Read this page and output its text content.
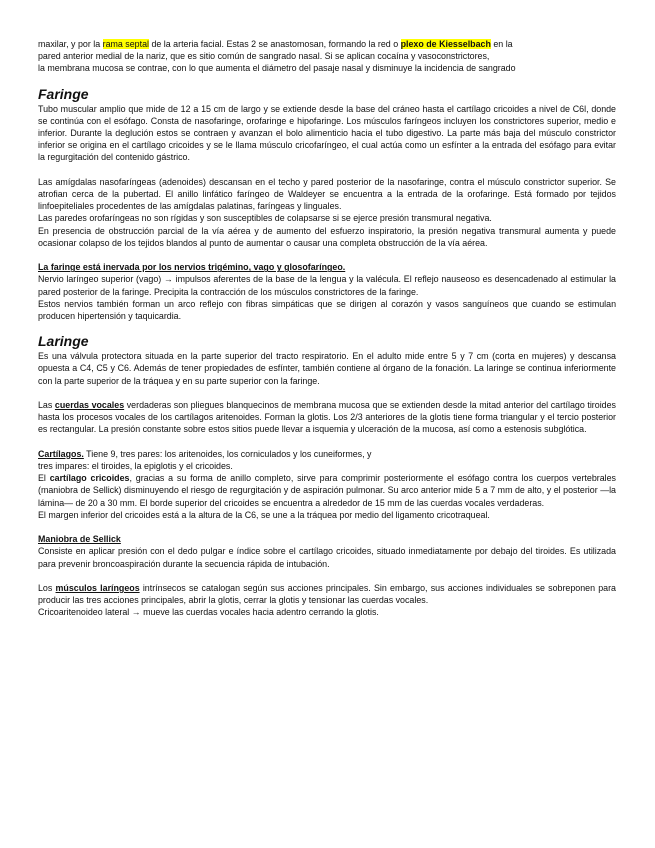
maxilar, y por la rama septal de la arteria facial. Estas 2 se anastomosan, formando la red o plexo de Kiesselbach en la

pared anterior medial de la nariz, que es sitio común de sangrado nasal. Si se aplican cocaína y vasoconstrictores,

la membrana mucosa se contrae, con lo que aumenta el diámetro del pasaje nasal y disminuye la incidencia de sangrado

Faringe

Tubo muscular amplio que mide de 12 a 15 cm de largo y se extiende desde la base del cráneo hasta el cartílago cricoides a nivel de C6l, donde se continúa con el esófago. Consta de nasofaringe, orofaringe e hipofaringe. Los músculos faríngeos incluyen los constrictores superior, medio e inferior. Durante la deglución estos se contraen y avanzan el bolo alimenticio hacia el tubo digestivo. La parte más baja del músculo constrictor inferior se origina en el cartílago cricoides y se le llama músculo cricofaríngeo, el cual actúa como un esfínter a la entrada del esófago para evitar la regurgitación del contenido gástrico.

Las amígdalas nasofaríngeas (adenoides) descansan en el techo y pared posterior de la nasofaringe, contra el músculo constrictor superior. Se atrofian cerca de la pubertad. El anillo linfático faríngeo de Waldeyer se encuentra a la entrada de la orofaringe. Está formado por tejidos linfoepiteliales procedentes de las amígdalas palatinas, faríngeas y linguales.

Las paredes orofaríngeas no son rígidas y son susceptibles de colapsarse si se ejerce presión transmural negativa.

En presencia de obstrucción parcial de la vía aérea y de aumento del esfuerzo inspiratorio, la presión negativa transmural aumenta y puede ocasionar colapso de los tejidos blandos al punto de aumentar o causar una completa obstrucción de la vía aérea.

La faringe está inervada por los nervios trigémino, vago y glosofaríngeo.

Nervio laríngeo superior (vago) → impulsos aferentes de la base de la lengua y la valécula. El reflejo nauseoso es desencadenado al estimular la pared posterior de la faringe. Precipita la contracción de los músculos constrictores de la faringe.

Estos nervios también forman un arco reflejo con fibras simpáticas que se dirigen al corazón y vasos sanguíneos que cuando se estimulan producen hipertensión y taquicardia.

Laringe

Es una válvula protectora situada en la parte superior del tracto respiratorio. En el adulto mide entre 5 y 7 cm (corta en mujeres) y descansa opuesta a C4, C5 y C6. Además de tener propiedades de esfínter, también contiene al órgano de la fonación. La laringe se continua inferiormente con la parte superior de la tráquea y en su parte superior con la faringe.

Las cuerdas vocales verdaderas son pliegues blanquecinos de membrana mucosa que se extienden desde la mitad anterior del cartílago tiroides hasta los procesos vocales de los cartílagos aritenoides. Forman la glotis. Los 2/3 anteriores de la glotis tiene forma triangular y el tercio posterior es rectangular. La presión constante sobre estos sitios puede llevar a isquemia y ulceración de la mucosa, así como a estenosis subglótica.

Cartílagos. Tiene 9, tres pares: los aritenoides, los corniculados y los cuneiformes, y

tres impares: el tiroides, la epiglotis y el cricoides.

El cartílago cricoides, gracias a su forma de anillo completo, sirve para comprimir posteriormente el esófago contra los cuerpos vertebrales (maniobra de Sellick) disminuyendo el riesgo de regurgitación y de aspiración pulmonar. Su arco anterior mide 5 a 7 mm de alto, y el posterior —la lámina— de 20 a 30 mm. El borde superior del cricoides se encuentra a alrededor de 15 mm de las cuerdas vocales verdaderas.

El margen inferior del cricoides está a la altura de la C6, se une a la tráquea por medio del ligamento cricotraqueal.

Maniobra de Sellick

Consiste en aplicar presión con el dedo pulgar e índice sobre el cartílago cricoides, situado inmediatamente por debajo del tiroides. Es utilizada para prevenir broncoaspiración durante la secuencia rápida de intubación.

Los músculos laríngeos intrínsecos se catalogan según sus acciones principales. Sin embargo, sus acciones individuales se sobreponen para producir las tres acciones principales, abrir la glotis, cerrar la glotis y tensionar las cuerdas vocales.

Cricoaritenoideo lateral → mueve las cuerdas vocales hacia adentro cerrando la glotis.
